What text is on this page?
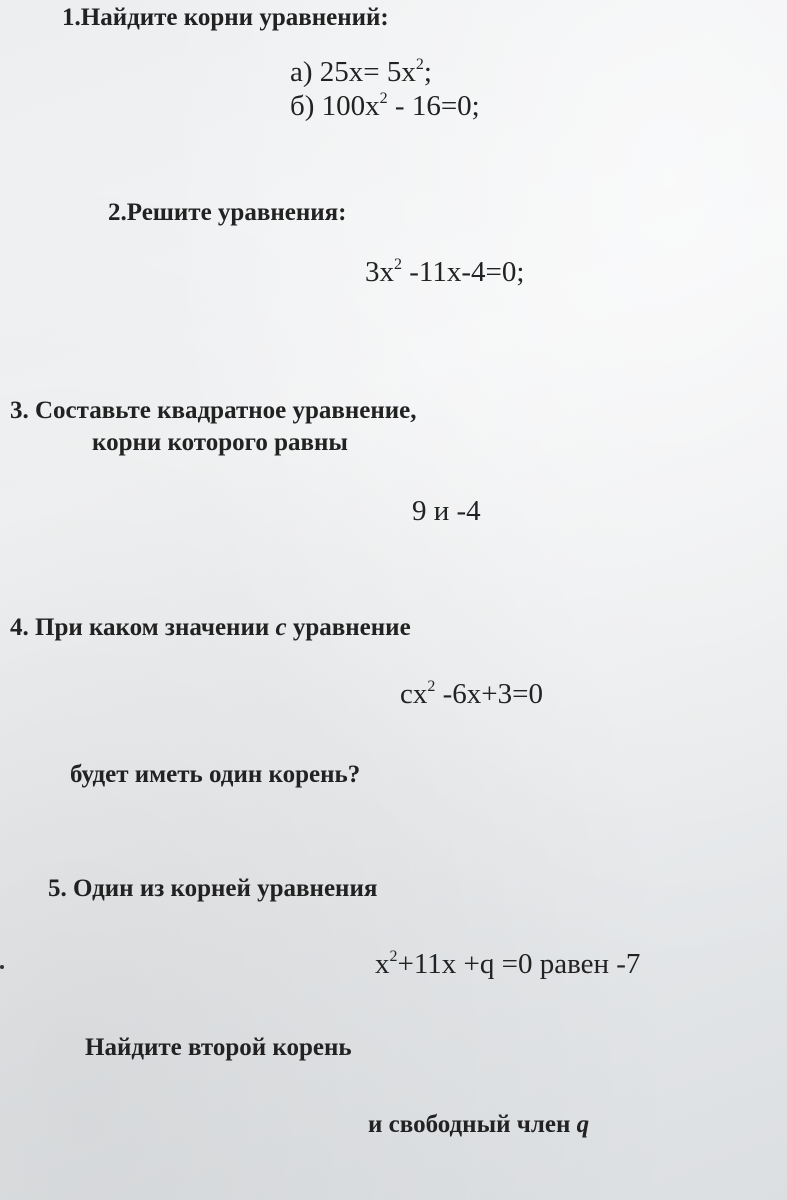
1.Найдите корни уравнений:
а) $25x= 5x^2$;
б) $100x^2 - 16=0$;
2.Решите уравнения:
$3x^2$ -11x-4=0;
3. Составьте квадратное уравнение,
корни которого равны
9 и -4
4. При каком значении c уравнение
$cx^2$ -6x+3=0
будет иметь один корень?
5. Один из корней уравнения
$x^2+11x +q =0$ равен -7
Найдите второй корень
и свободный член q
